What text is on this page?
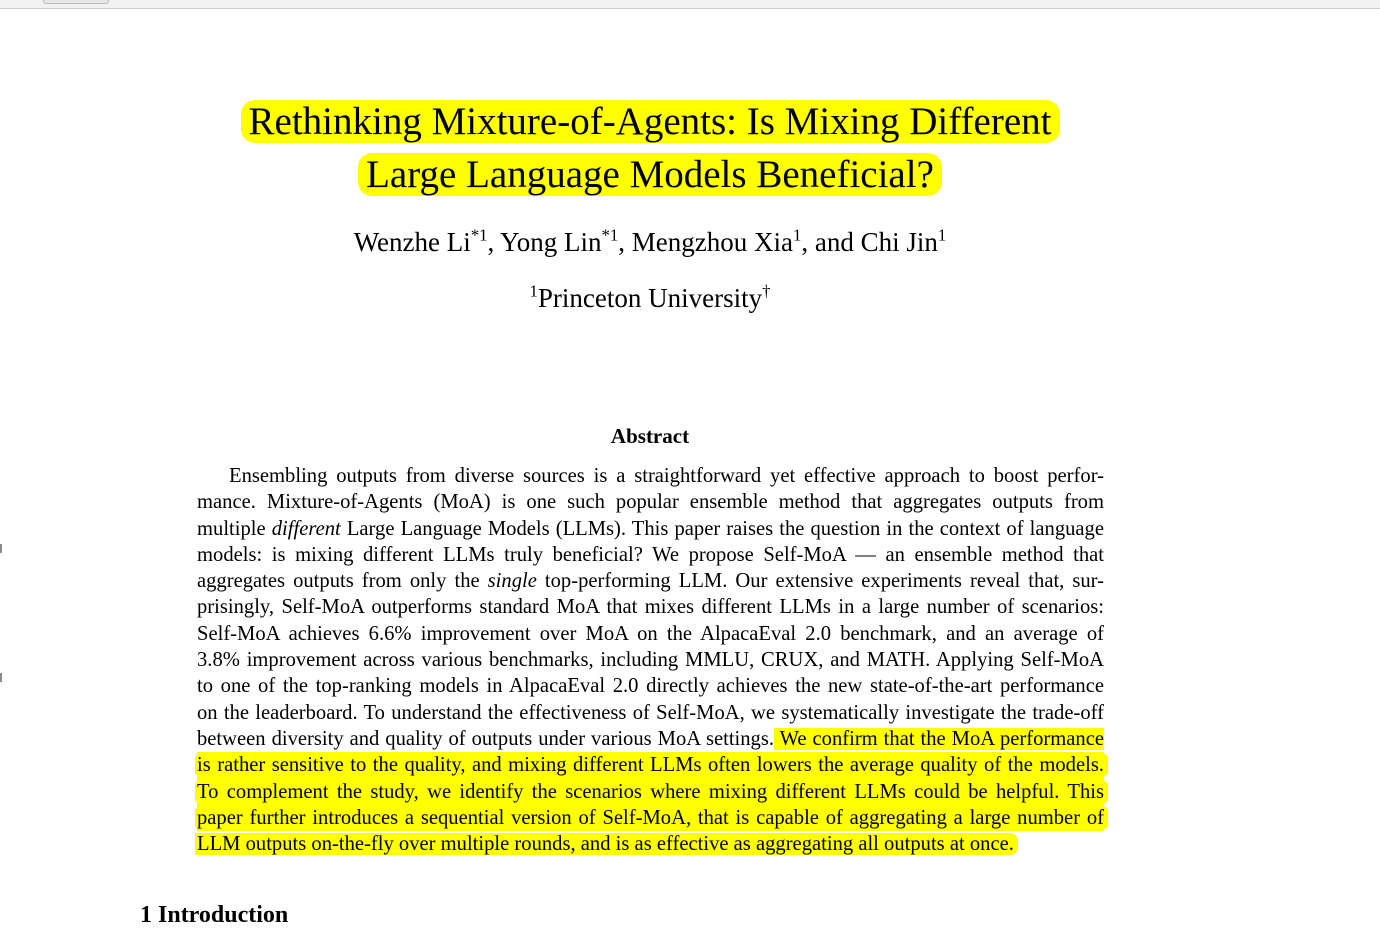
Rethinking Mixture-of-Agents: Is Mixing Different
Large Language Models Beneficial?
Wenzhe Li$^{*1}$, Yong Lin$^{*1}$, Mengzhou Xia$^1$, and Chi Jin$^1$
$^1$Princeton University†
Abstract
Ensembling outputs from diverse sources is a straightforward yet effective approach to boost perfor-
mance. Mixture-of-Agents (MoA) is one such popular ensemble method that aggregates outputs from
multiple different Large Language Models (LLMs). This paper raises the question in the context of language
models: is mixing different LLMs truly beneficial? We propose Self-MoA — an ensemble method that
aggregates outputs from only the single top-performing LLM. Our extensive experiments reveal that, sur-
prisingly, Self-MoA outperforms standard MoA that mixes different LLMs in a large number of scenarios:
Self-MoA achieves 6.6% improvement over MoA on the AlpacaEval 2.0 benchmark, and an average of
3.8% improvement across various benchmarks, including MMLU, CRUX, and MATH. Applying Self-MoA
to one of the top-ranking models in AlpacaEval 2.0 directly achieves the new state-of-the-art performance
on the leaderboard. To understand the effectiveness of Self-MoA, we systematically investigate the trade-off
between diversity and quality of outputs under various MoA settings. We confirm that the MoA performance
is rather sensitive to the quality, and mixing different LLMs often lowers the average quality of the models.
To complement the study, we identify the scenarios where mixing different LLMs could be helpful. This
paper further introduces a sequential version of Self-MoA, that is capable of aggregating a large number of
LLM outputs on-the-fly over multiple rounds, and is as effective as aggregating all outputs at once.
1 Introduction
